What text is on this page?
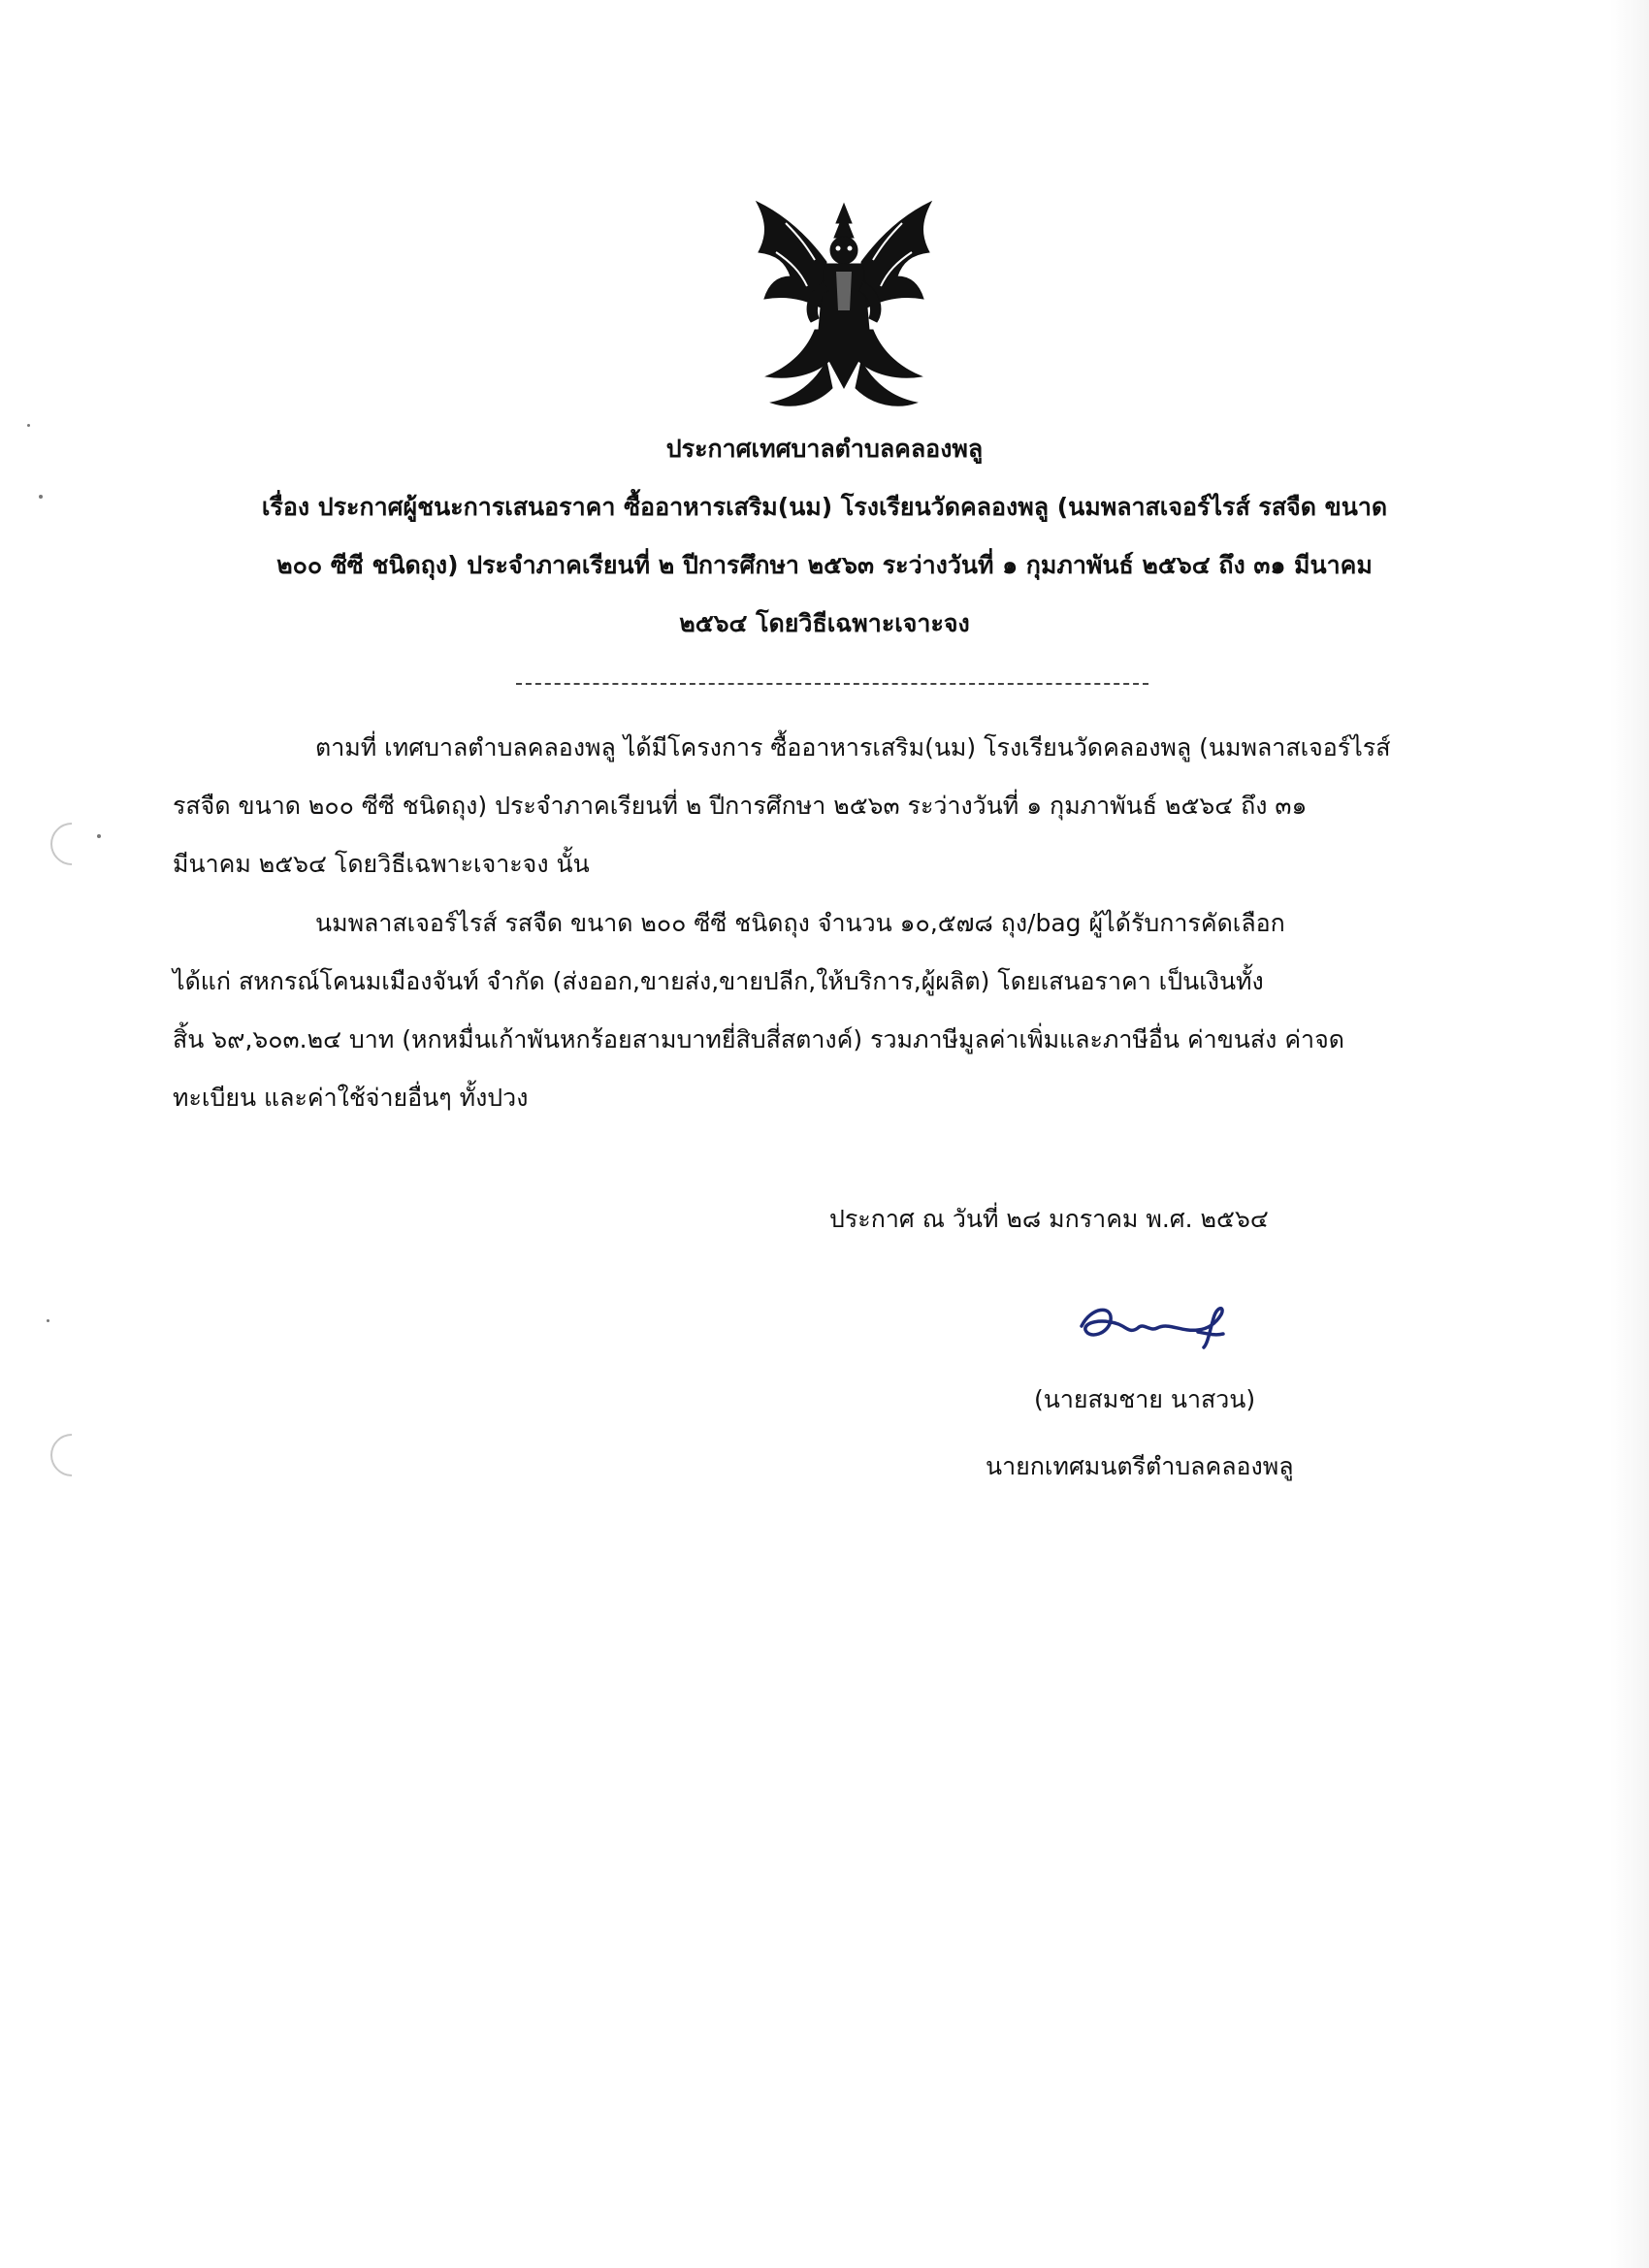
ประกาศเทศบาลตำบลคลองพลู
เรื่อง ประกาศผู้ชนะการเสนอราคา ซื้ออาหารเสริม(นม) โรงเรียนวัดคลองพลู (นมพลาสเจอร์ไรส์ รสจืด ขนาด
๒๐๐ ซีซี ชนิดถุง) ประจำภาคเรียนที่ ๒ ปีการศึกษา ๒๕๖๓ ระว่างวันที่ ๑ กุมภาพันธ์ ๒๕๖๔ ถึง ๓๑ มีนาคม
๒๕๖๔ โดยวิธีเฉพาะเจาะจง
ตามที่ เทศบาลตำบลคลองพลู ได้มีโครงการ ซื้ออาหารเสริม(นม) โรงเรียนวัดคลองพลู (นมพลาสเจอร์ไรส์
รสจืด ขนาด ๒๐๐ ซีซี ชนิดถุง) ประจำภาคเรียนที่ ๒ ปีการศึกษา ๒๕๖๓ ระว่างวันที่ ๑ กุมภาพันธ์ ๒๕๖๔ ถึง ๓๑
มีนาคม ๒๕๖๔ โดยวิธีเฉพาะเจาะจง นั้น
นมพลาสเจอร์ไรส์ รสจืด ขนาด ๒๐๐ ซีซี ชนิดถุง จำนวน ๑๐,๕๗๘ ถุง/bag ผู้ได้รับการคัดเลือก
ได้แก่ สหกรณ์โคนมเมืองจันท์ จำกัด (ส่งออก,ขายส่ง,ขายปลีก,ให้บริการ,ผู้ผลิต) โดยเสนอราคา เป็นเงินทั้ง
สิ้น ๖๙,๖๐๓.๒๔ บาท (หกหมื่นเก้าพันหกร้อยสามบาทยี่สิบสี่สตางค์) รวมภาษีมูลค่าเพิ่มและภาษีอื่น ค่าขนส่ง ค่าจด
ทะเบียน และค่าใช้จ่ายอื่นๆ ทั้งปวง
ประกาศ ณ วันที่ ๒๘ มกราคม พ.ศ. ๒๕๖๔
(นายสมชาย นาสวน)
นายกเทศมนตรีตำบลคลองพลู
